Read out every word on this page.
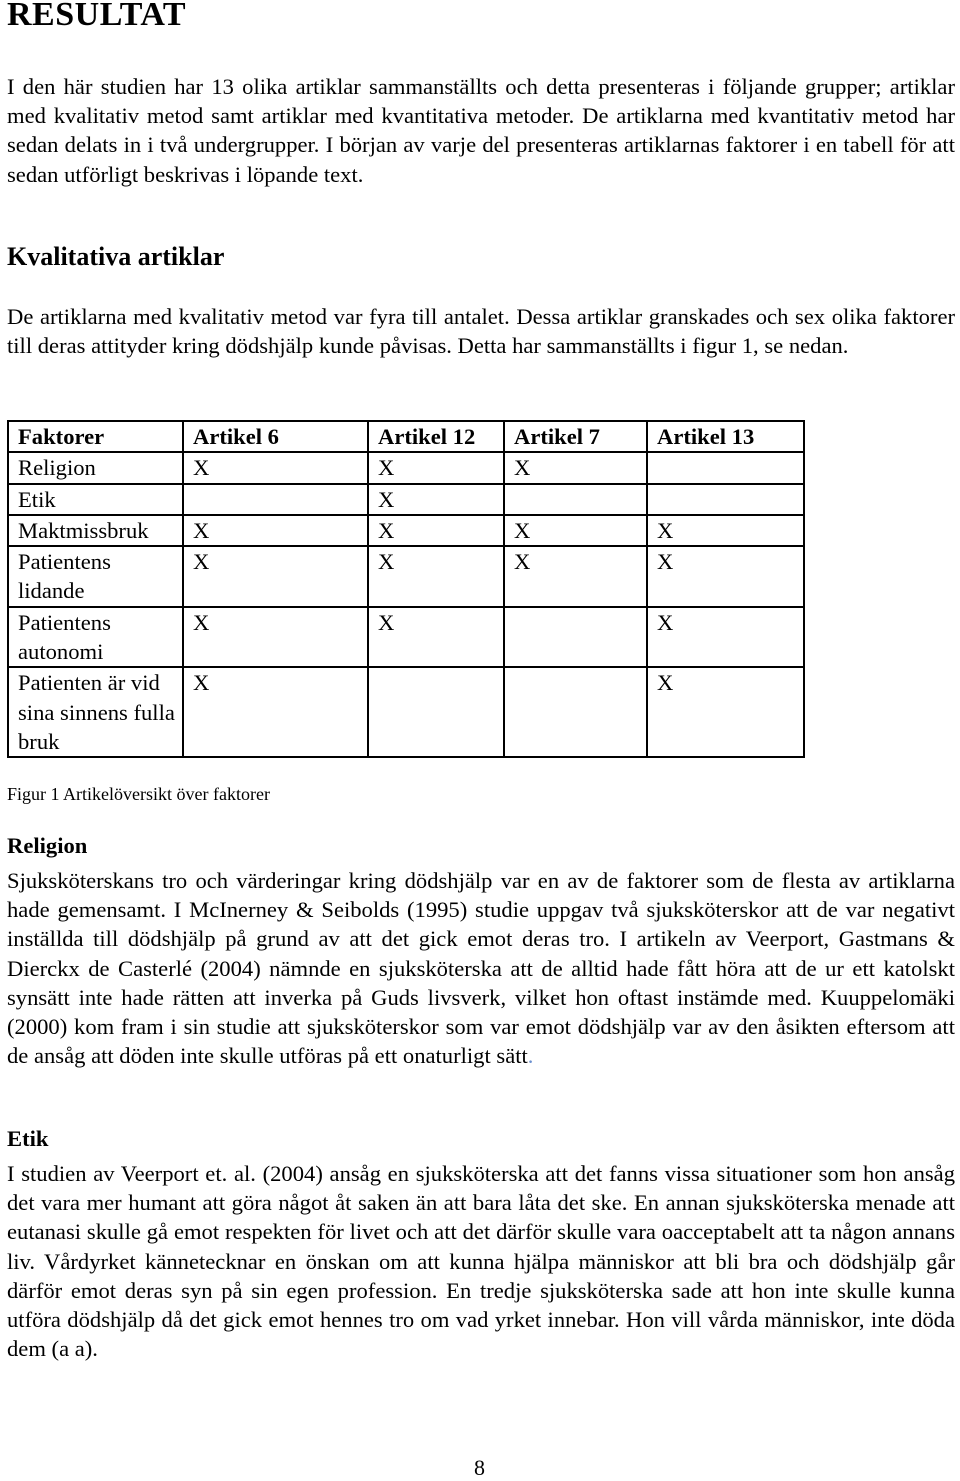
RESULTAT
I den här studien har 13 olika artiklar sammanställts och detta presenteras i följande grupper; artiklar med kvalitativ metod samt artiklar med kvantitativa metoder. De artiklarna med kvantitativ metod har sedan delats in i två undergrupper. I början av varje del presenteras artiklarnas faktorer i en tabell för att sedan utförligt beskrivas i löpande text.
Kvalitativa artiklar
De artiklarna med kvalitativ metod var fyra till antalet. Dessa artiklar granskades och sex olika faktorer till deras attityder kring dödshjälp kunde påvisas. Detta har sammanställts i figur 1, se nedan.
Faktorer	Artikel 6	Artikel 12	Artikel 7	Artikel 13
Religion	X	X	X	
Etik		X		
Maktmissbruk	X	X	X	X
Patientens lidande	X	X	X	X
Patientens autonomi	X	X		X
Patienten är vid sina sinnens fulla bruk	X			X
Figur 1 Artikelöversikt över faktorer
Religion
Sjuksköterskans tro och värderingar kring dödshjälp var en av de faktorer som de flesta av artiklarna hade gemensamt. I McInerney & Seibolds (1995) studie uppgav två sjuksköterskor att de var negativt inställda till dödshjälp på grund av att det gick emot deras tro. I artikeln av Veerport, Gastmans & Dierckx de Casterlé (2004) nämnde en sjuksköterska att de alltid hade fått höra att de ur ett katolskt synsätt inte hade rätten att inverka på Guds livsverk, vilket hon oftast instämde med. Kuuppelomäki (2000) kom fram i sin studie att sjuksköterskor som var emot dödshjälp var av den åsikten eftersom att de ansåg att döden inte skulle utföras på ett onaturligt sätt.
Etik
I studien av Veerport et. al. (2004) ansåg en sjuksköterska att det fanns vissa situationer som hon ansåg det vara mer humant att göra något åt saken än att bara låta det ske. En annan sjuksköterska menade att eutanasi skulle gå emot respekten för livet och att det därför skulle vara oacceptabelt att ta någon annans liv. Vårdyrket kännetecknar en önskan om att kunna hjälpa människor att bli bra och dödshjälp går därför emot deras syn på sin egen profession. En tredje sjuksköterska sade att hon inte skulle kunna utföra dödshjälp då det gick emot hennes tro om vad yrket innebar. Hon vill vårda människor, inte döda dem (a a).
8
